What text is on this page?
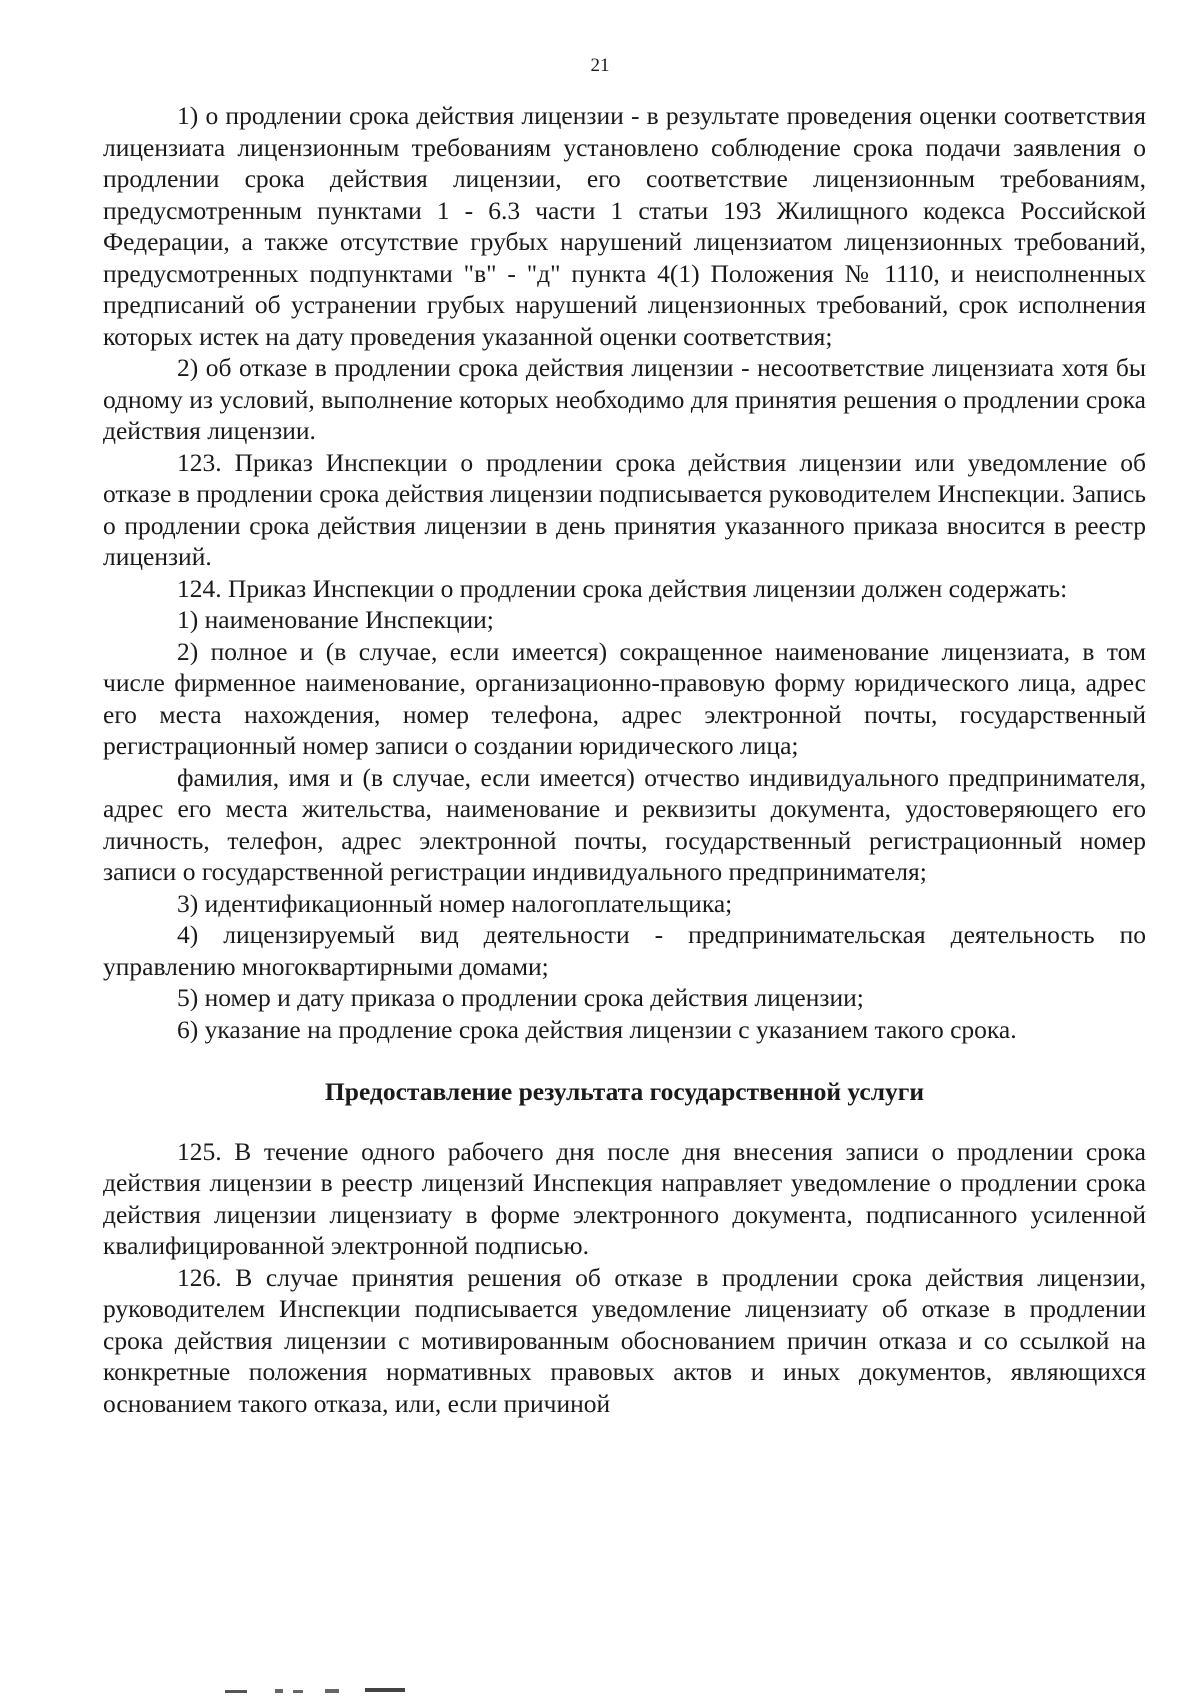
21

1) о продлении срока действия лицензии - в результате проведения оценки соответствия лицензиата лицензионным требованиям установлено соблюдение срока подачи заявления о продлении срока действия лицензии, его соответствие лицензионным требованиям, предусмотренным пунктами 1 - 6.3 части 1 статьи 193 Жилищного кодекса Российской Федерации, а также отсутствие грубых нарушений лицензиатом лицензионных требований, предусмотренных подпунктами "в" - "д" пункта 4(1) Положения № 1110, и неисполненных предписаний об устранении грубых нарушений лицензионных требований, срок исполнения которых истек на дату проведения указанной оценки соответствия;

2) об отказе в продлении срока действия лицензии - несоответствие лицензиата хотя бы одному из условий, выполнение которых необходимо для принятия решения о продлении срока действия лицензии.

123. Приказ Инспекции о продлении срока действия лицензии или уведомление об отказе в продлении срока действия лицензии подписывается руководителем Инспекции. Запись о продлении срока действия лицензии в день принятия указанного приказа вносится в реестр лицензий.

124. Приказ Инспекции о продлении срока действия лицензии должен содержать:

1) наименование Инспекции;

2) полное и (в случае, если имеется) сокращенное наименование лицензиата, в том числе фирменное наименование, организационно-правовую форму юридического лица, адрес его места нахождения, номер телефона, адрес электронной почты, государственный регистрационный номер записи о создании юридического лица;

фамилия, имя и (в случае, если имеется) отчество индивидуального предпринимателя, адрес его места жительства, наименование и реквизиты документа, удостоверяющего его личность, телефон, адрес электронной почты, государственный регистрационный номер записи о государственной регистрации индивидуального предпринимателя;

3) идентификационный номер налогоплательщика;

4) лицензируемый вид деятельности - предпринимательская деятельность по управлению многоквартирными домами;

5) номер и дату приказа о продлении срока действия лицензии;

6) указание на продление срока действия лицензии с указанием такого срока.

Предоставление результата государственной услуги

125. В течение одного рабочего дня после дня внесения записи о продлении срока действия лицензии в реестр лицензий Инспекция направляет уведомление о продлении срока действия лицензии лицензиату в форме электронного документа, подписанного усиленной квалифицированной электронной подписью.

126. В случае принятия решения об отказе в продлении срока действия лицензии, руководителем Инспекции подписывается уведомление лицензиату об отказе в продлении срока действия лицензии с мотивированным обоснованием причин отказа и со ссылкой на конкретные положения нормативных правовых актов и иных документов, являющихся основанием такого отказа, или, если причиной
